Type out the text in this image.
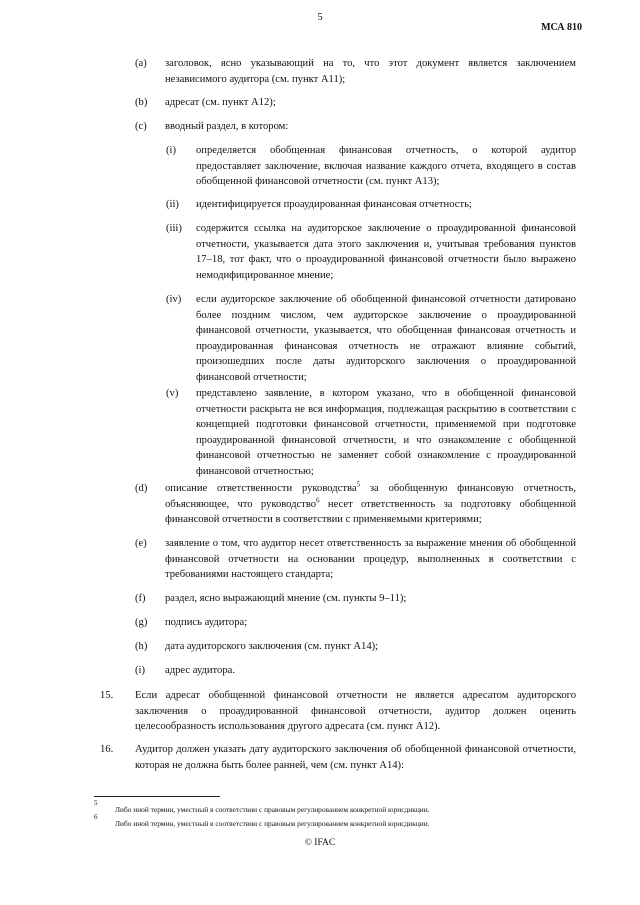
5
МСА 810
(a) заголовок, ясно указывающий на то, что этот документ является заключением независимого аудитора (см. пункт A11);
(b) адресат (см. пункт A12);
(c) вводный раздел, в котором:
(i) определяется обобщенная финансовая отчетность, о которой аудитор предоставляет заключение, включая название каждого отчета, входящего в состав обобщенной финансовой отчетности (см. пункт A13);
(ii) идентифицируется проаудированная финансовая отчетность;
(iii) содержится ссылка на аудиторское заключение о проаудированной финансовой отчетности, указывается дата этого заключения и, учитывая требования пунктов 17–18, тот факт, что о проаудированной финансовой отчетности было выражено немодифицированное мнение;
(iv) если аудиторское заключение об обобщенной финансовой отчетности датировано более поздним числом, чем аудиторское заключение о проаудированной финансовой отчетности, указывается, что обобщенная финансовая отчетность и проаудированная финансовая отчетность не отражают влияние событий, произошедших после даты аудиторского заключения о проаудированной финансовой отчетности;
(v) представлено заявление, в котором указано, что в обобщенной финансовой отчетности раскрыта не вся информация, подлежащая раскрытию в соответствии с концепцией подготовки финансовой отчетности, применяемой при подготовке проаудированной финансовой отчетности, и что ознакомление с обобщенной финансовой отчетностью не заменяет собой ознакомление с проаудированной финансовой отчетностью;
(d) описание ответственности руководства$^5$ за обобщенную финансовую отчетность, объясняющее, что руководство$^6$ несет ответственность за подготовку обобщенной финансовой отчетности в соответствии с применяемыми критериями;
(e) заявление о том, что аудитор несет ответственность за выражение мнения об обобщенной финансовой отчетности на основании процедур, выполненных в соответствии с требованиями настоящего стандарта;
(f) раздел, ясно выражающий мнение (см. пункты 9–11);
(g) подпись аудитора;
(h) дата аудиторского заключения (см. пункт A14);
(i) адрес аудитора.
15. Если адресат обобщенной финансовой отчетности не является адресатом аудиторского заключения о проаудированной финансовой отчетности, аудитор должен оценить целесообразность использования другого адресата (см. пункт A12).
16. Аудитор должен указать дату аудиторского заключения об обобщенной финансовой отчетности, которая не должна быть более ранней, чем (см. пункт A14):
5
Либо иной термин, уместный в соответствии с правовым регулированием конкретной юрисдикции.
6
Либо иной термин, уместный в соответствии с правовым регулированием конкретной юрисдикции.
© IFAC
